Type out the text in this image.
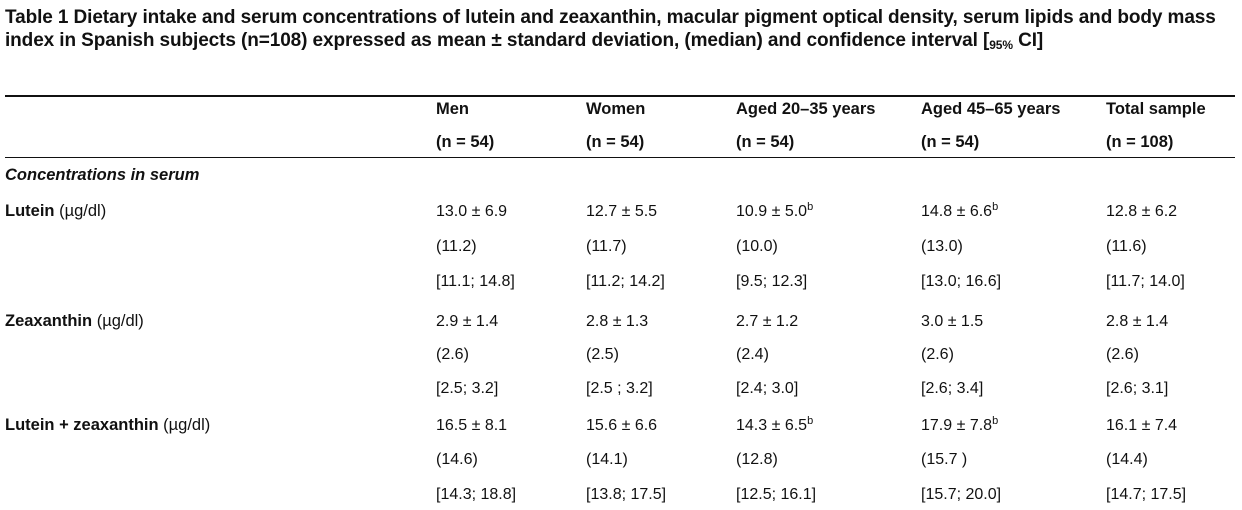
Table 1 Dietary intake and serum concentrations of lutein and zeaxanthin, macular pigment optical density, serum lipids and body mass index in Spanish subjects (n=108) expressed as mean ± standard deviation, (median) and confidence interval [95% CI]
Men
(n = 54)
Women
(n = 54)
Aged 20–35 years
(n = 54)
Aged 45–65 years
(n = 54)
Total sample
(n = 108)
Concentrations in serum
Lutein (µg/dl)
Zeaxanthin (µg/dl)
Lutein + zeaxanthin (µg/dl)
13.0 ± 6.9
(11.2)
[11.1; 14.8]
12.7 ± 5.5
(11.7)
[11.2; 14.2]
10.9 ± 5.0$^b$
(10.0)
[9.5; 12.3]
14.8 ± 6.6$^b$
(13.0)
[13.0; 16.6]
12.8 ± 6.2
(11.6)
[11.7; 14.0]
2.9 ± 1.4
(2.6)
[2.5; 3.2]
2.8 ± 1.3
(2.5)
[2.5 ; 3.2]
2.7 ± 1.2
(2.4)
[2.4; 3.0]
3.0 ± 1.5
(2.6)
[2.6; 3.4]
2.8 ± 1.4
(2.6)
[2.6; 3.1]
16.5 ± 8.1
(14.6)
[14.3; 18.8]
15.6 ± 6.6
(14.1)
[13.8; 17.5]
14.3 ± 6.5$^b$
(12.8)
[12.5; 16.1]
17.9 ± 7.8$^b$
(15.7 )
[15.7; 20.0]
16.1 ± 7.4
(14.4)
[14.7; 17.5]
